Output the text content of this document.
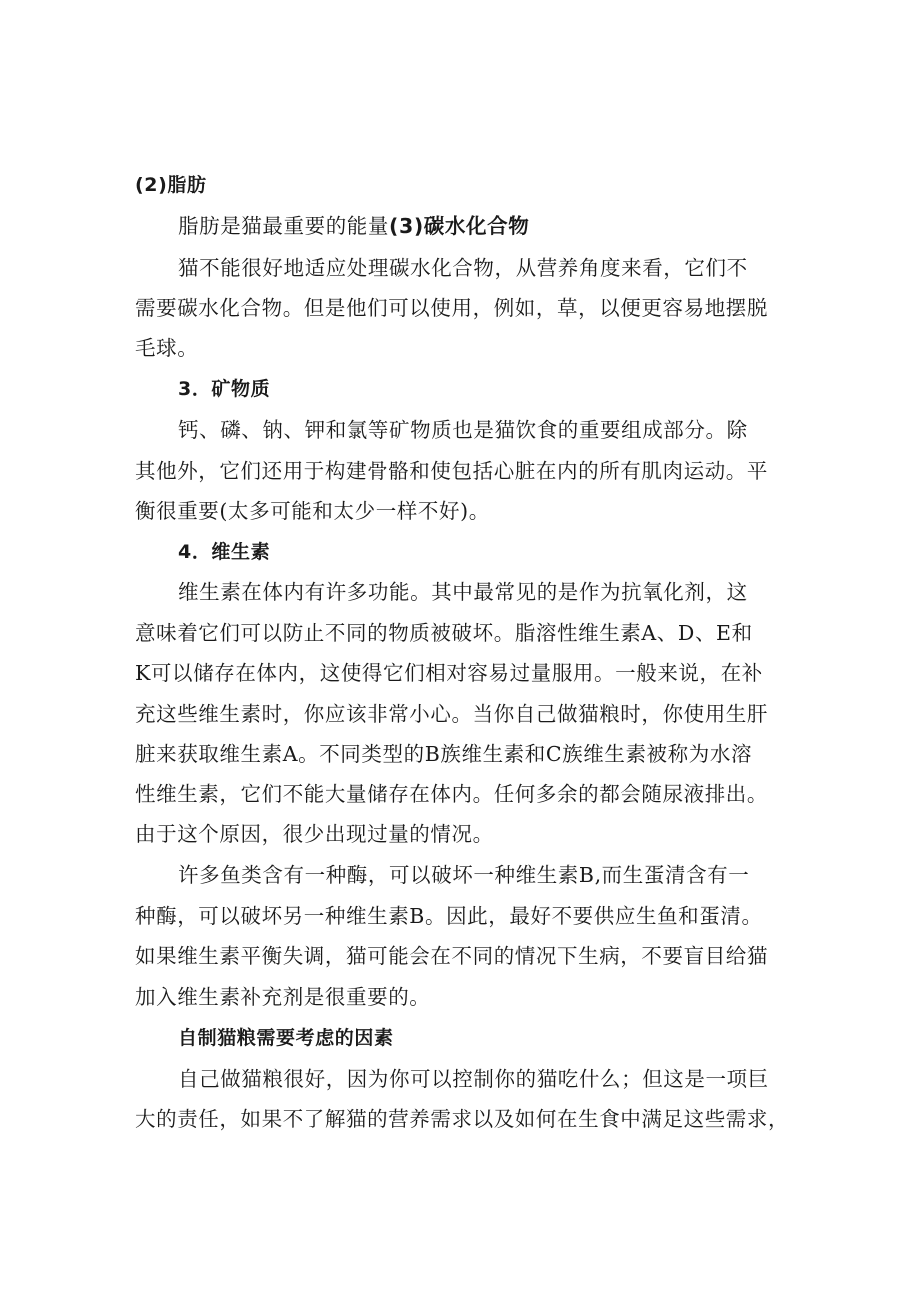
(2)脂肪
脂肪是猫最重要的能量(3)碳水化合物
猫不能很好地适应处理碳水化合物，从营养角度来看，它们不
需要碳水化合物。但是他们可以使用，例如，草，以便更容易地摆脱
毛球。
3．矿物质
钙、磷、钠、钾和氯等矿物质也是猫饮食的重要组成部分。除
其他外，它们还用于构建骨骼和使包括心脏在内的所有肌肉运动。平
衡很重要(太多可能和太少一样不好)。
4．维生素
维生素在体内有许多功能。其中最常见的是作为抗氧化剂，这
意味着它们可以防止不同的物质被破坏。脂溶性维生素A、D、E和
K可以储存在体内，这使得它们相对容易过量服用。一般来说，在补
充这些维生素时，你应该非常小心。当你自己做猫粮时，你使用生肝
脏来获取维生素A。不同类型的B族维生素和C族维生素被称为水溶
性维生素，它们不能大量储存在体内。任何多余的都会随尿液排出。
由于这个原因，很少出现过量的情况。
许多鱼类含有一种酶，可以破坏一种维生素B,而生蛋清含有一
种酶，可以破坏另一种维生素B。因此，最好不要供应生鱼和蛋清。
如果维生素平衡失调，猫可能会在不同的情况下生病，不要盲目给猫
加入维生素补充剂是很重要的。
自制猫粮需要考虑的因素
自己做猫粮很好，因为你可以控制你的猫吃什么；但这是一项巨
大的责任，如果不了解猫的营养需求以及如何在生食中满足这些需求，
